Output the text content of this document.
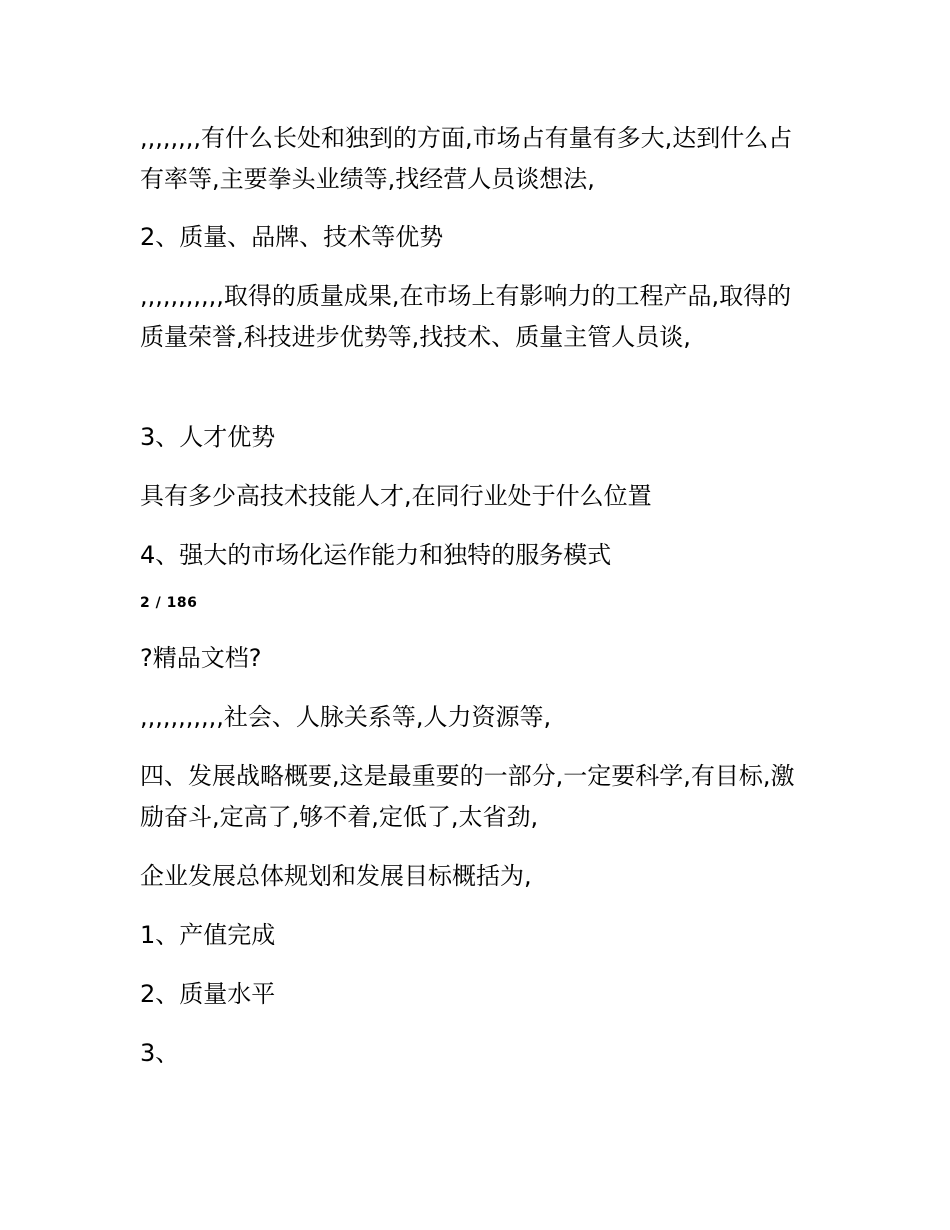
,,,,,,,,有什么长处和独到的方面,市场占有量有多大,达到什么占有率等,主要拳头业绩等,找经营人员谈想法,

2、质量、品牌、技术等优势

,,,,,,,,,,,取得的质量成果,在市场上有影响力的工程产品,取得的质量荣誉,科技进步优势等,找技术、质量主管人员谈,

3、人才优势

具有多少高技术技能人才,在同行业处于什么位置

4、强大的市场化运作能力和独特的服务模式

2 / 186

?精品文档?

,,,,,,,,,,,社会、人脉关系等,人力资源等,

四、发展战略概要,这是最重要的一部分,一定要科学,有目标,激励奋斗,定高了,够不着,定低了,太省劲,

企业发展总体规划和发展目标概括为,

1、产值完成

2、质量水平

3、
